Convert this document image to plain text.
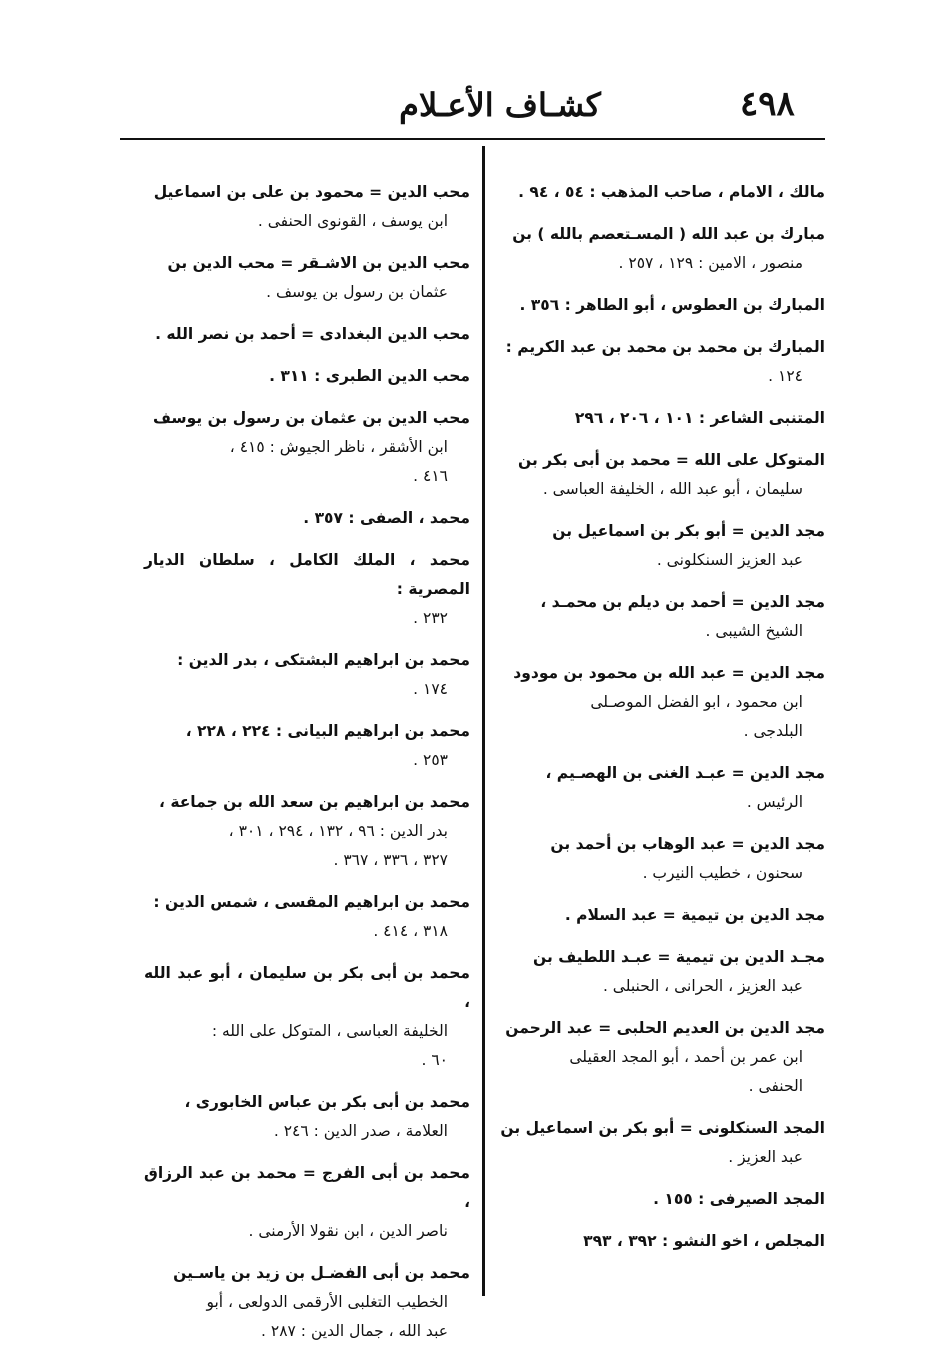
٤٩٨
كشـاف الأعـلام
مالك ، الامام ، صاحب المذهب : ٥٤ ، ٩٤ .
مبارك بن عبد الله ( المسـتعصم بالله ) بن

منصور ، الامين : ١٢٩ ، ٢٥٧ .
المبارك بن العطوس ، أبو الطاهر : ٣٥٦ .
المبارك بن محمد بن محمد بن عبد الكريم :

١٢٤ .
المتنبى الشاعر : ١٠١ ، ٢٠٦ ، ٢٩٦
المتوكل على الله = محمد بن أبى بكر بن

سليمان ، أبو عبد الله ، الخليفة العباسى .
مجد الدين = أبو بكر بن اسماعيل بن

عبد العزيز السنكلونى .
مجد الدين = أحمد بن ديلم بن محمـد ،

الشيخ الشيبى .
مجد الدين = عبد الله بن محمود بن مودود

ابن محمود ، ابو الفضل الموصـلى
البلدجى .
مجد الدين = عبـد الغنى بن الهصـيم ،

الرئيس .
مجد الدين = عبد الوهاب بن أحمد بن

سحنون ، خطيب النيرب .
مجد الدين بن تيمية = عبد السلام .
مجـد الدين بن تيمية = عبـد اللطيف بن

عبد العزيز ، الحرانى ، الحنبلى .
مجد الدين بن العديم الحلبى = عبد الرحمن

ابن عمر بن أحمد ، أبو المجد العقيلى
الحنفى .
المجد السنكلونى = أبو بكر بن اسماعيل بن

عبد العزيز .
المجد الصيرفى : ١٥٥ .
المجلص ، اخو النشو : ٣٩٢ ، ٣٩٣
محب الدين = محمود بن على بن اسماعيل

ابن يوسف ، القونوى الحنفى .
محب الدين بن الاشـقر = محب الدين بن

عثمان بن رسول بن يوسف .
محب الدين البغدادى = أحمد بن نصر الله .
محب الدين الطبرى : ٣١١ .
محب الدين بن عثمان بن رسول بن يوسف

ابن الأشقر ، ناظر الجيوش : ٤١٥ ،
٤١٦ .
محمد ، الصفى : ٣٥٧ .
محمد ، الملك الكامل ، سلطان الديار المصرية :

٢٣٢ .
محمد بن ابراهيم البشتكى ، بدر الدين :

١٧٤ .
محمد بن ابراهيم البيانى : ٢٢٤ ، ٢٢٨ ،

٢٥٣ .
محمد بن ابراهيم بن سعد الله بن جماعة ،

بدر الدين : ٩٦ ، ١٣٢ ، ٢٩٤ ، ٣٠١ ،
٣٢٧ ، ٣٣٦ ، ٣٦٧ .
محمد بن ابراهيم المقسى ، شمس الدين :

٣١٨ ، ٤١٤ .
محمد بن أبى بكر بن سليمان ، أبو عبد الله ،

الخليفة العباسى ، المتوكل على الله :
٦٠ .
محمد بن أبى بكر بن عباس الخابورى ،

العلامة ، صدر الدين : ٢٤٦ .
محمد بن أبى الفرج = محمد بن عبد الرزاق ،

ناصر الدين ، ابن نقولا الأرمنى .
محمد بن أبى الفضـل بن زيد بن ياسـين

الخطيب التغلبى الأرقمى الدولعى ، أبو
عبد الله ، جمال الدين : ٢٨٧ .
